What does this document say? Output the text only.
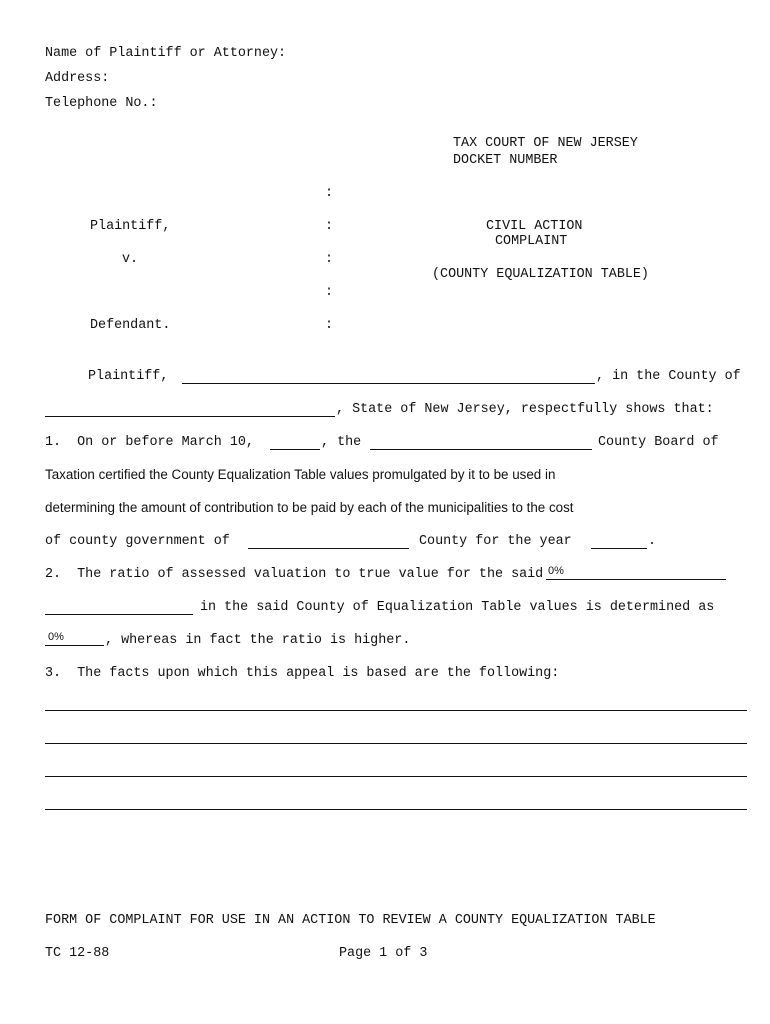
Name of Plaintiff or Attorney:
Address:
Telephone No.:
TAX COURT OF NEW JERSEY
DOCKET NUMBER
:
Plaintiff,	:	CIVIL ACTION
COMPLAINT
v.	:
(COUNTY EQUALIZATION TABLE)
:
Defendant.	:
Plaintiff,	, in the County of
, State of New Jersey, respectfully shows that:
1.  On or before March 10,	, the	County Board of
Taxation certified the County Equalization Table values promulgated by it to be used in
determining the amount of contribution to be paid by each of the municipalities to the cost
of county government of	County for the year	.
2.  The ratio of assessed valuation to true value for the said 0%
in the said County of Equalization Table values is determined as
0%	, whereas in fact the ratio is higher.
3.  The facts upon which this appeal is based are the following:
FORM OF COMPLAINT FOR USE IN AN ACTION TO REVIEW A COUNTY EQUALIZATION TABLE
TC 12-88	Page 1 of 3
